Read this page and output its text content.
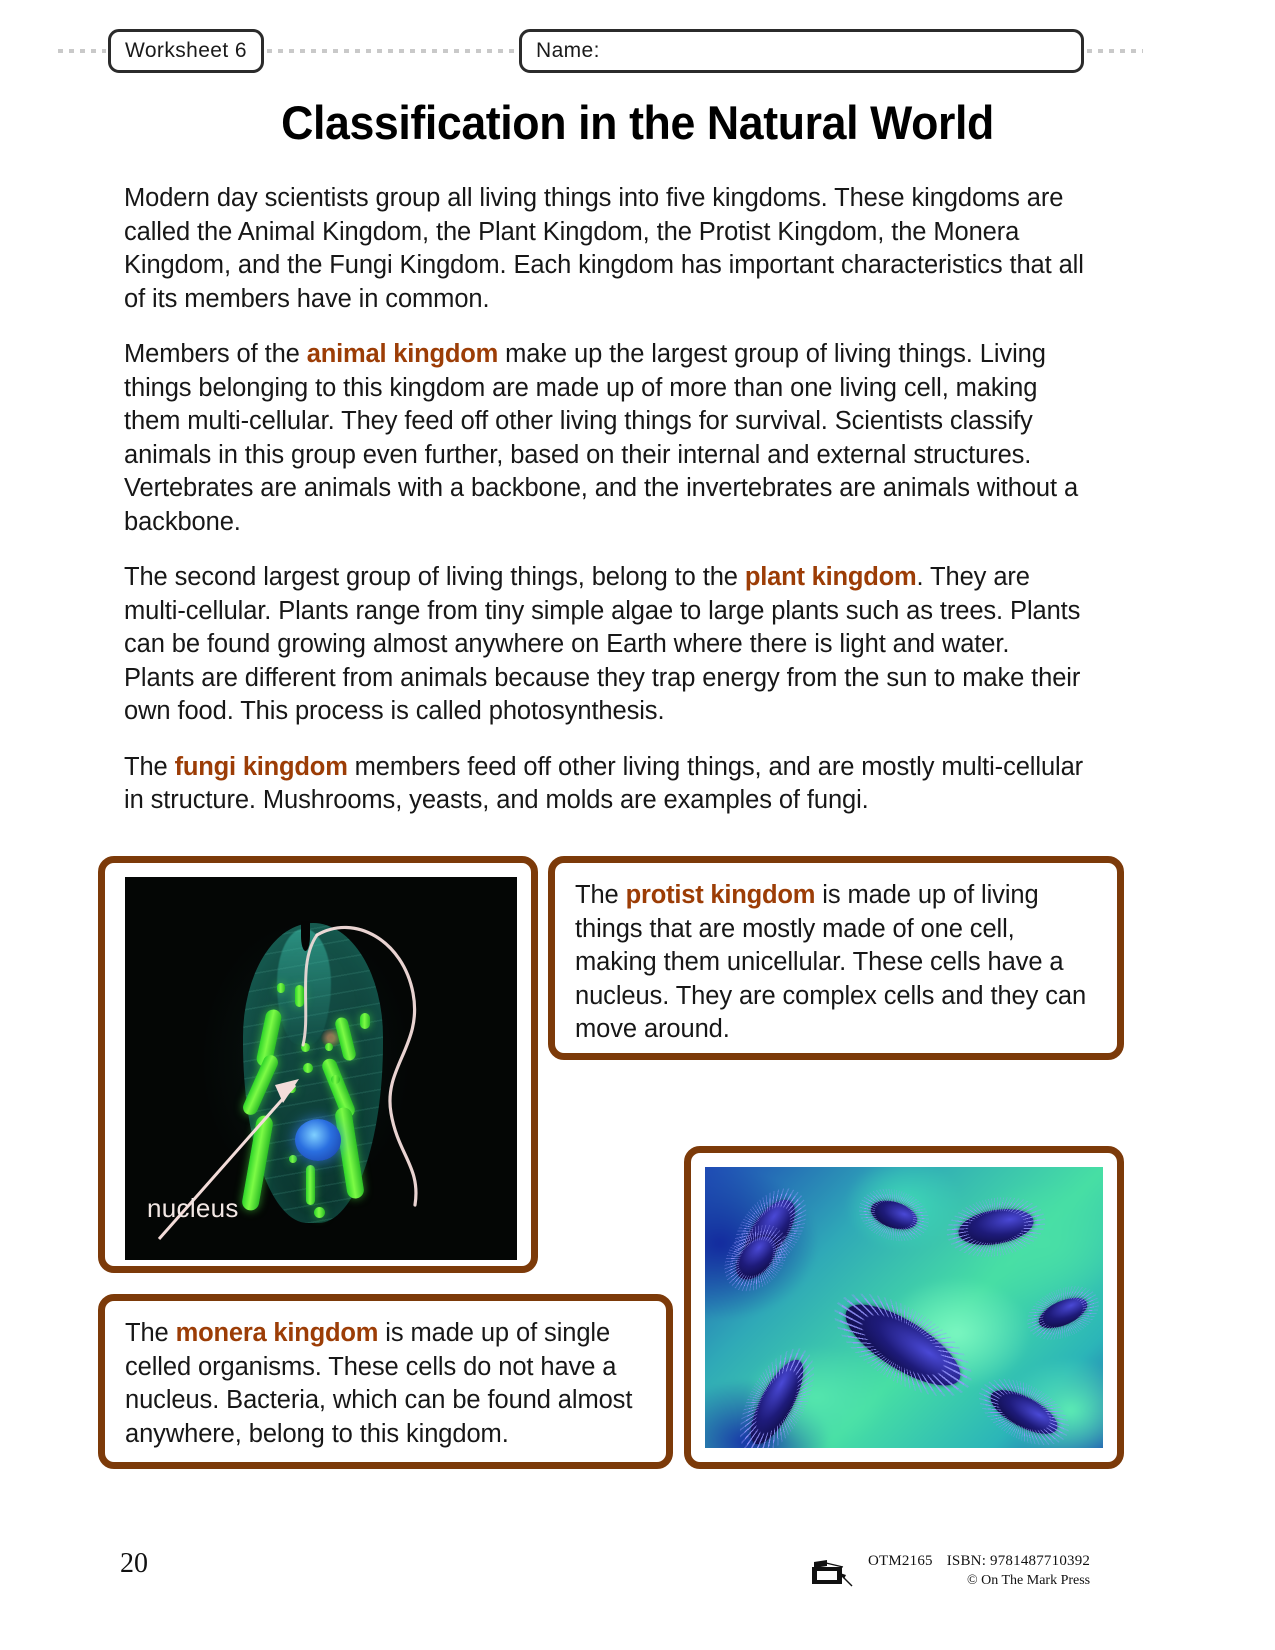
Worksheet 6	Name:
Classification in the Natural World

Modern day scientists group all living things into five kingdoms. These kingdoms are called the Animal Kingdom, the Plant Kingdom, the Protist Kingdom, the Monera Kingdom, and the Fungi Kingdom. Each kingdom has important characteristics that all of its members have in common.

Members of the animal kingdom make up the largest group of living things. Living things belonging to this kingdom are made up of more than one living cell, making them multi-cellular. They feed off other living things for survival. Scientists classify animals in this group even further, based on their internal and external structures. Vertebrates are animals with a backbone, and the invertebrates are animals without a backbone.

The second largest group of living things, belong to the plant kingdom. They are multi-cellular. Plants range from tiny simple algae to large plants such as trees. Plants can be found growing almost anywhere on Earth where there is light and water. Plants are different from animals because they trap energy from the sun to make their own food. This process is called photosynthesis.

The fungi kingdom members feed off other living things, and are mostly multi-cellular in structure. Mushrooms, yeasts, and molds are examples of fungi.

nucleus
The protist kingdom is made up of living things that are mostly made of one cell, making them unicellular. These cells have a nucleus. They are complex cells and they can move around.
The monera kingdom is made up of single celled organisms. These cells do not have a nucleus. Bacteria, which can be found almost anywhere, belong to this kingdom.
20	OTM2165 ISBN: 9781487710392
© On The Mark Press
